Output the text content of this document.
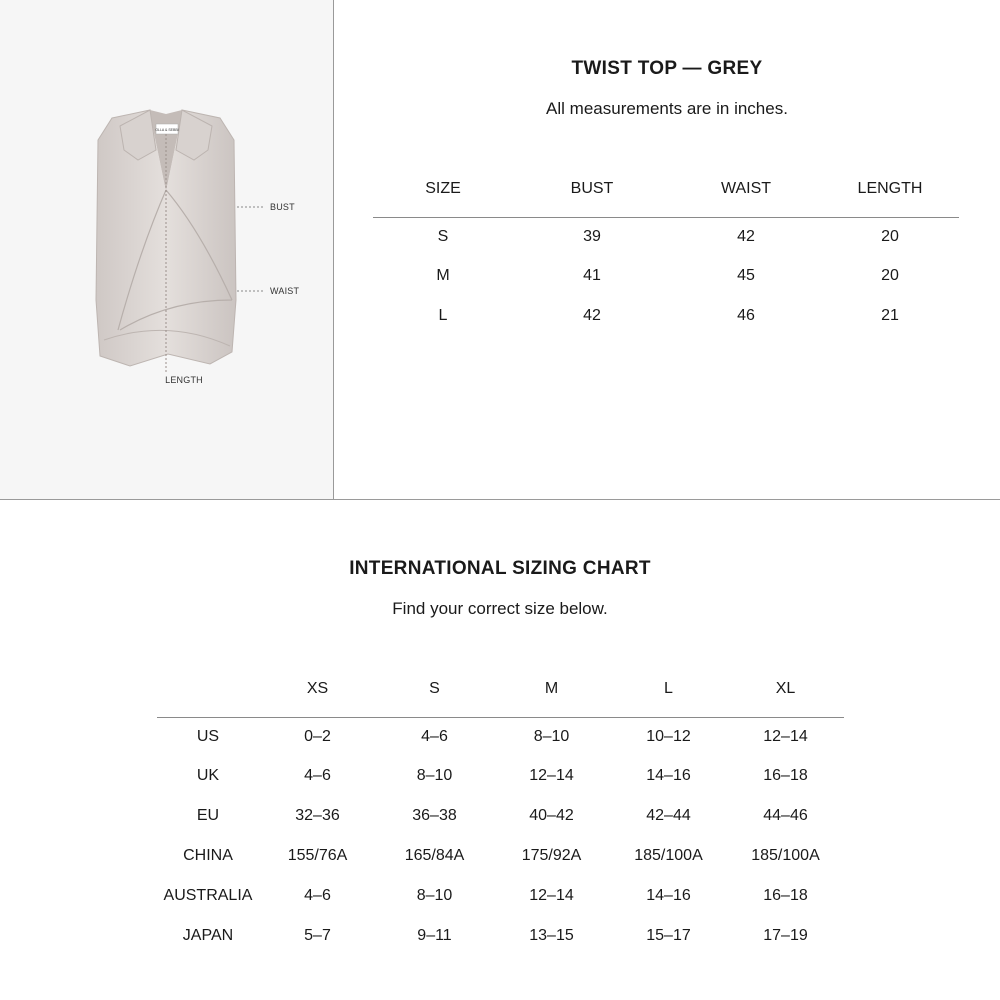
OLLA & SEBBI
BUST
WAIST
LENGTH
TWIST TOP — GREY
All measurements are in inches.
SIZE	BUST	WAIST	LENGTH
S	39	42	20
M	41	45	20
L	42	46	21
INTERNATIONAL SIZING CHART
Find your correct size below.
	XS	S	M	L	XL
US	0–2	4–6	8–10	10–12	12–14
UK	4–6	8–10	12–14	14–16	16–18
EU	32–36	36–38	40–42	42–44	44–46
CHINA	155/76A	165/84A	175/92A	185/100A	185/100A
AUSTRALIA	4–6	8–10	12–14	14–16	16–18
JAPAN	5–7	9–11	13–15	15–17	17–19
